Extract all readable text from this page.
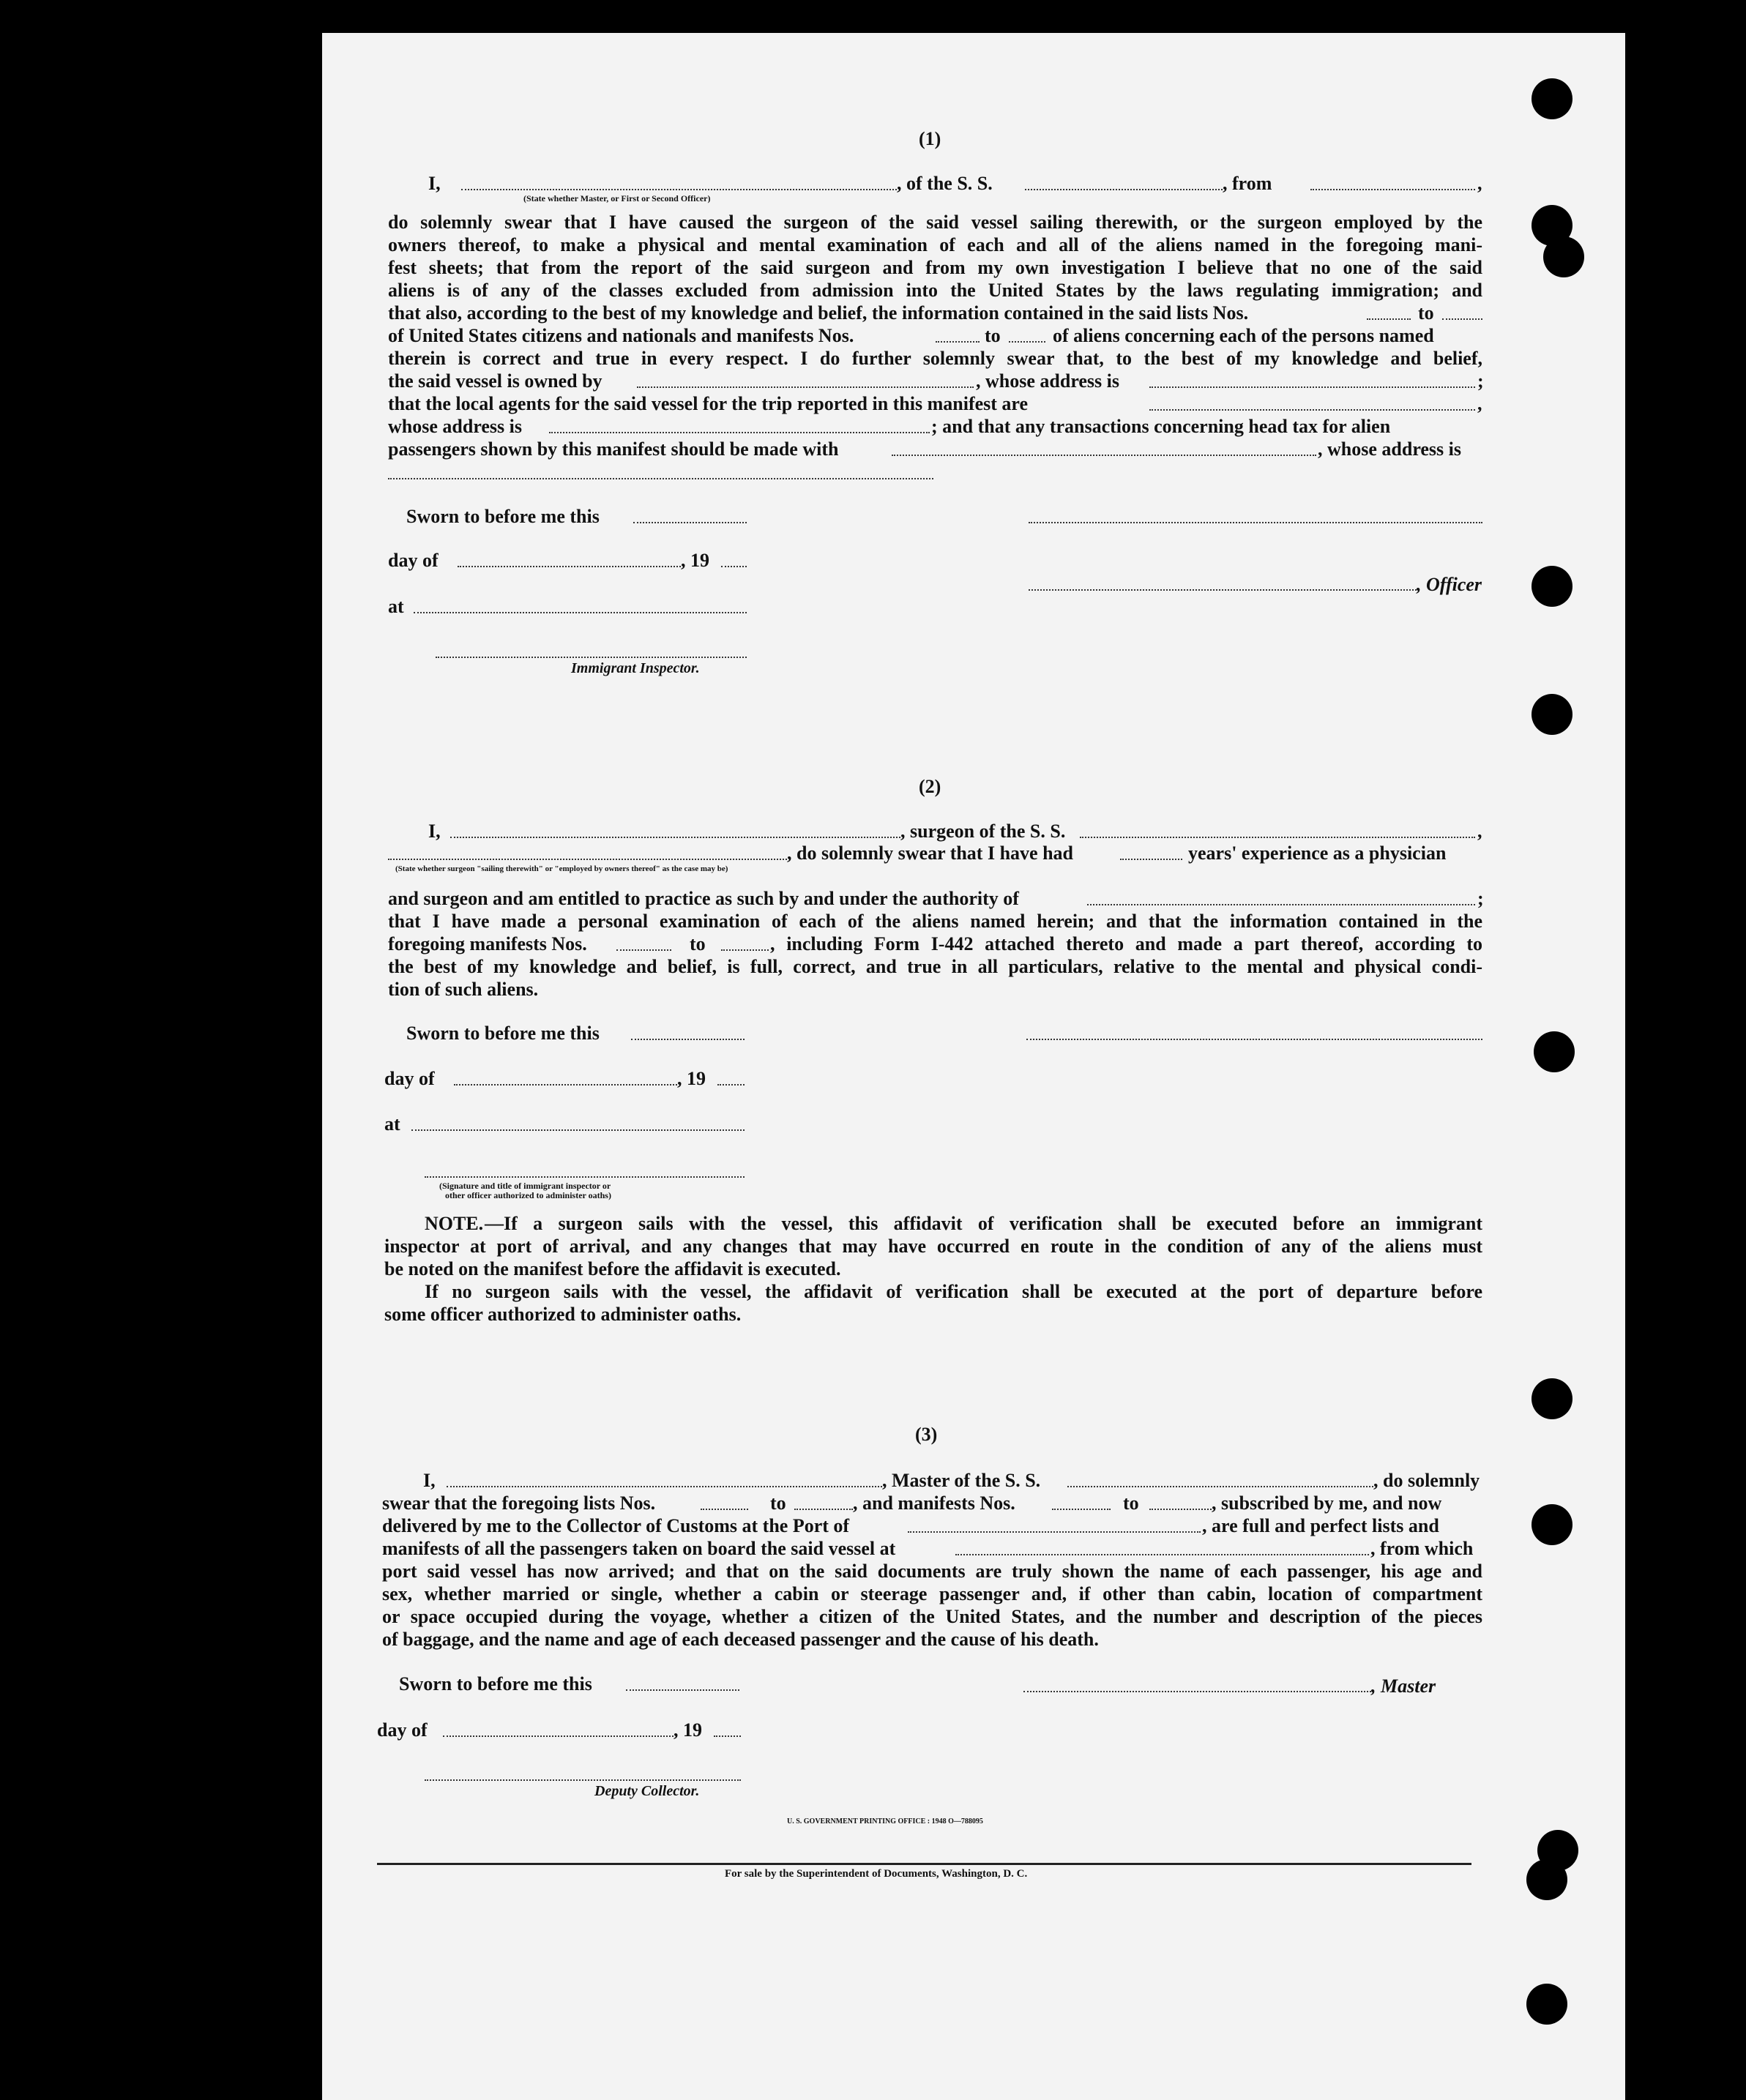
(1)
I,	, of the S. S.	, from	,
(State whether Master, or First or Second Officer)
do solemnly swear that I have caused the surgeon of the said vessel sailing therewith, or the surgeon employed by the
owners thereof, to make a physical and mental examination of each and all of the aliens named in the foregoing mani-
fest sheets; that from the report of the said surgeon and from my own investigation I believe that no one of the said
aliens is of any of the classes excluded from admission into the United States by the laws regulating immigration; and
that also, according to the best of my knowledge and belief, the information contained in the said lists Nos.	to
of United States citizens and nationals and manifests Nos.	to	of aliens concerning each of the persons named
therein is correct and true in every respect. I do further solemnly swear that, to the best of my knowledge and belief,
the said vessel is owned by	, whose address is	;
that the local agents for the said vessel for the trip reported in this manifest are	,
whose address is	; and that any transactions concerning head tax for alien
passengers shown by this manifest should be made with	, whose address is
Sworn to before me this
day of	, 19
, Officer
at
Immigrant Inspector.
(2)
I,	, surgeon of the S. S.	,
, do solemnly swear that I have had	years' experience as a physician
(State whether surgeon "sailing therewith" or "employed by owners thereof" as the case may be)
and surgeon and am entitled to practice as such by and under the authority of	;
that I have made a personal examination of each of the aliens named herein; and that the information contained in the
foregoing manifests Nos.	to	, including Form I-442 attached thereto and made a part thereof, according to
the best of my knowledge and belief, is full, correct, and true in all particulars, relative to the mental and physical condi-
tion of such aliens.
Sworn to before me this
day of	, 19
at
(Signature and title of immigrant inspector or
other officer authorized to administer oaths)
NOTE. —If a surgeon sails with the vessel, this affidavit of verification shall be executed before an immigrant
inspector at port of arrival, and any changes that may have occurred en route in the condition of any of the aliens must
be noted on the manifest before the affidavit is executed.
If no surgeon sails with the vessel, the affidavit of verification shall be executed at the port of departure before
some officer authorized to administer oaths.
(3)
I,	, Master of the S. S.	, do solemnly
swear that the foregoing lists Nos.	to	, and manifests Nos.	to	, subscribed by me, and now
delivered by me to the Collector of Customs at the Port of	, are full and perfect lists and
manifests of all the passengers taken on board the said vessel at	, from which
port said vessel has now arrived; and that on the said documents are truly shown the name of each passenger, his age and
sex, whether married or single, whether a cabin or steerage passenger and, if other than cabin, location of compartment
or space occupied during the voyage, whether a citizen of the United States, and the number and description of the pieces
of baggage, and the name and age of each deceased passenger and the cause of his death.
Sworn to before me this	, Master
day of	, 19
Deputy Collector.
U. S. GOVERNMENT PRINTING OFFICE : 1948 O—788095
For sale by the Superintendent of Documents, Washington, D. C.
